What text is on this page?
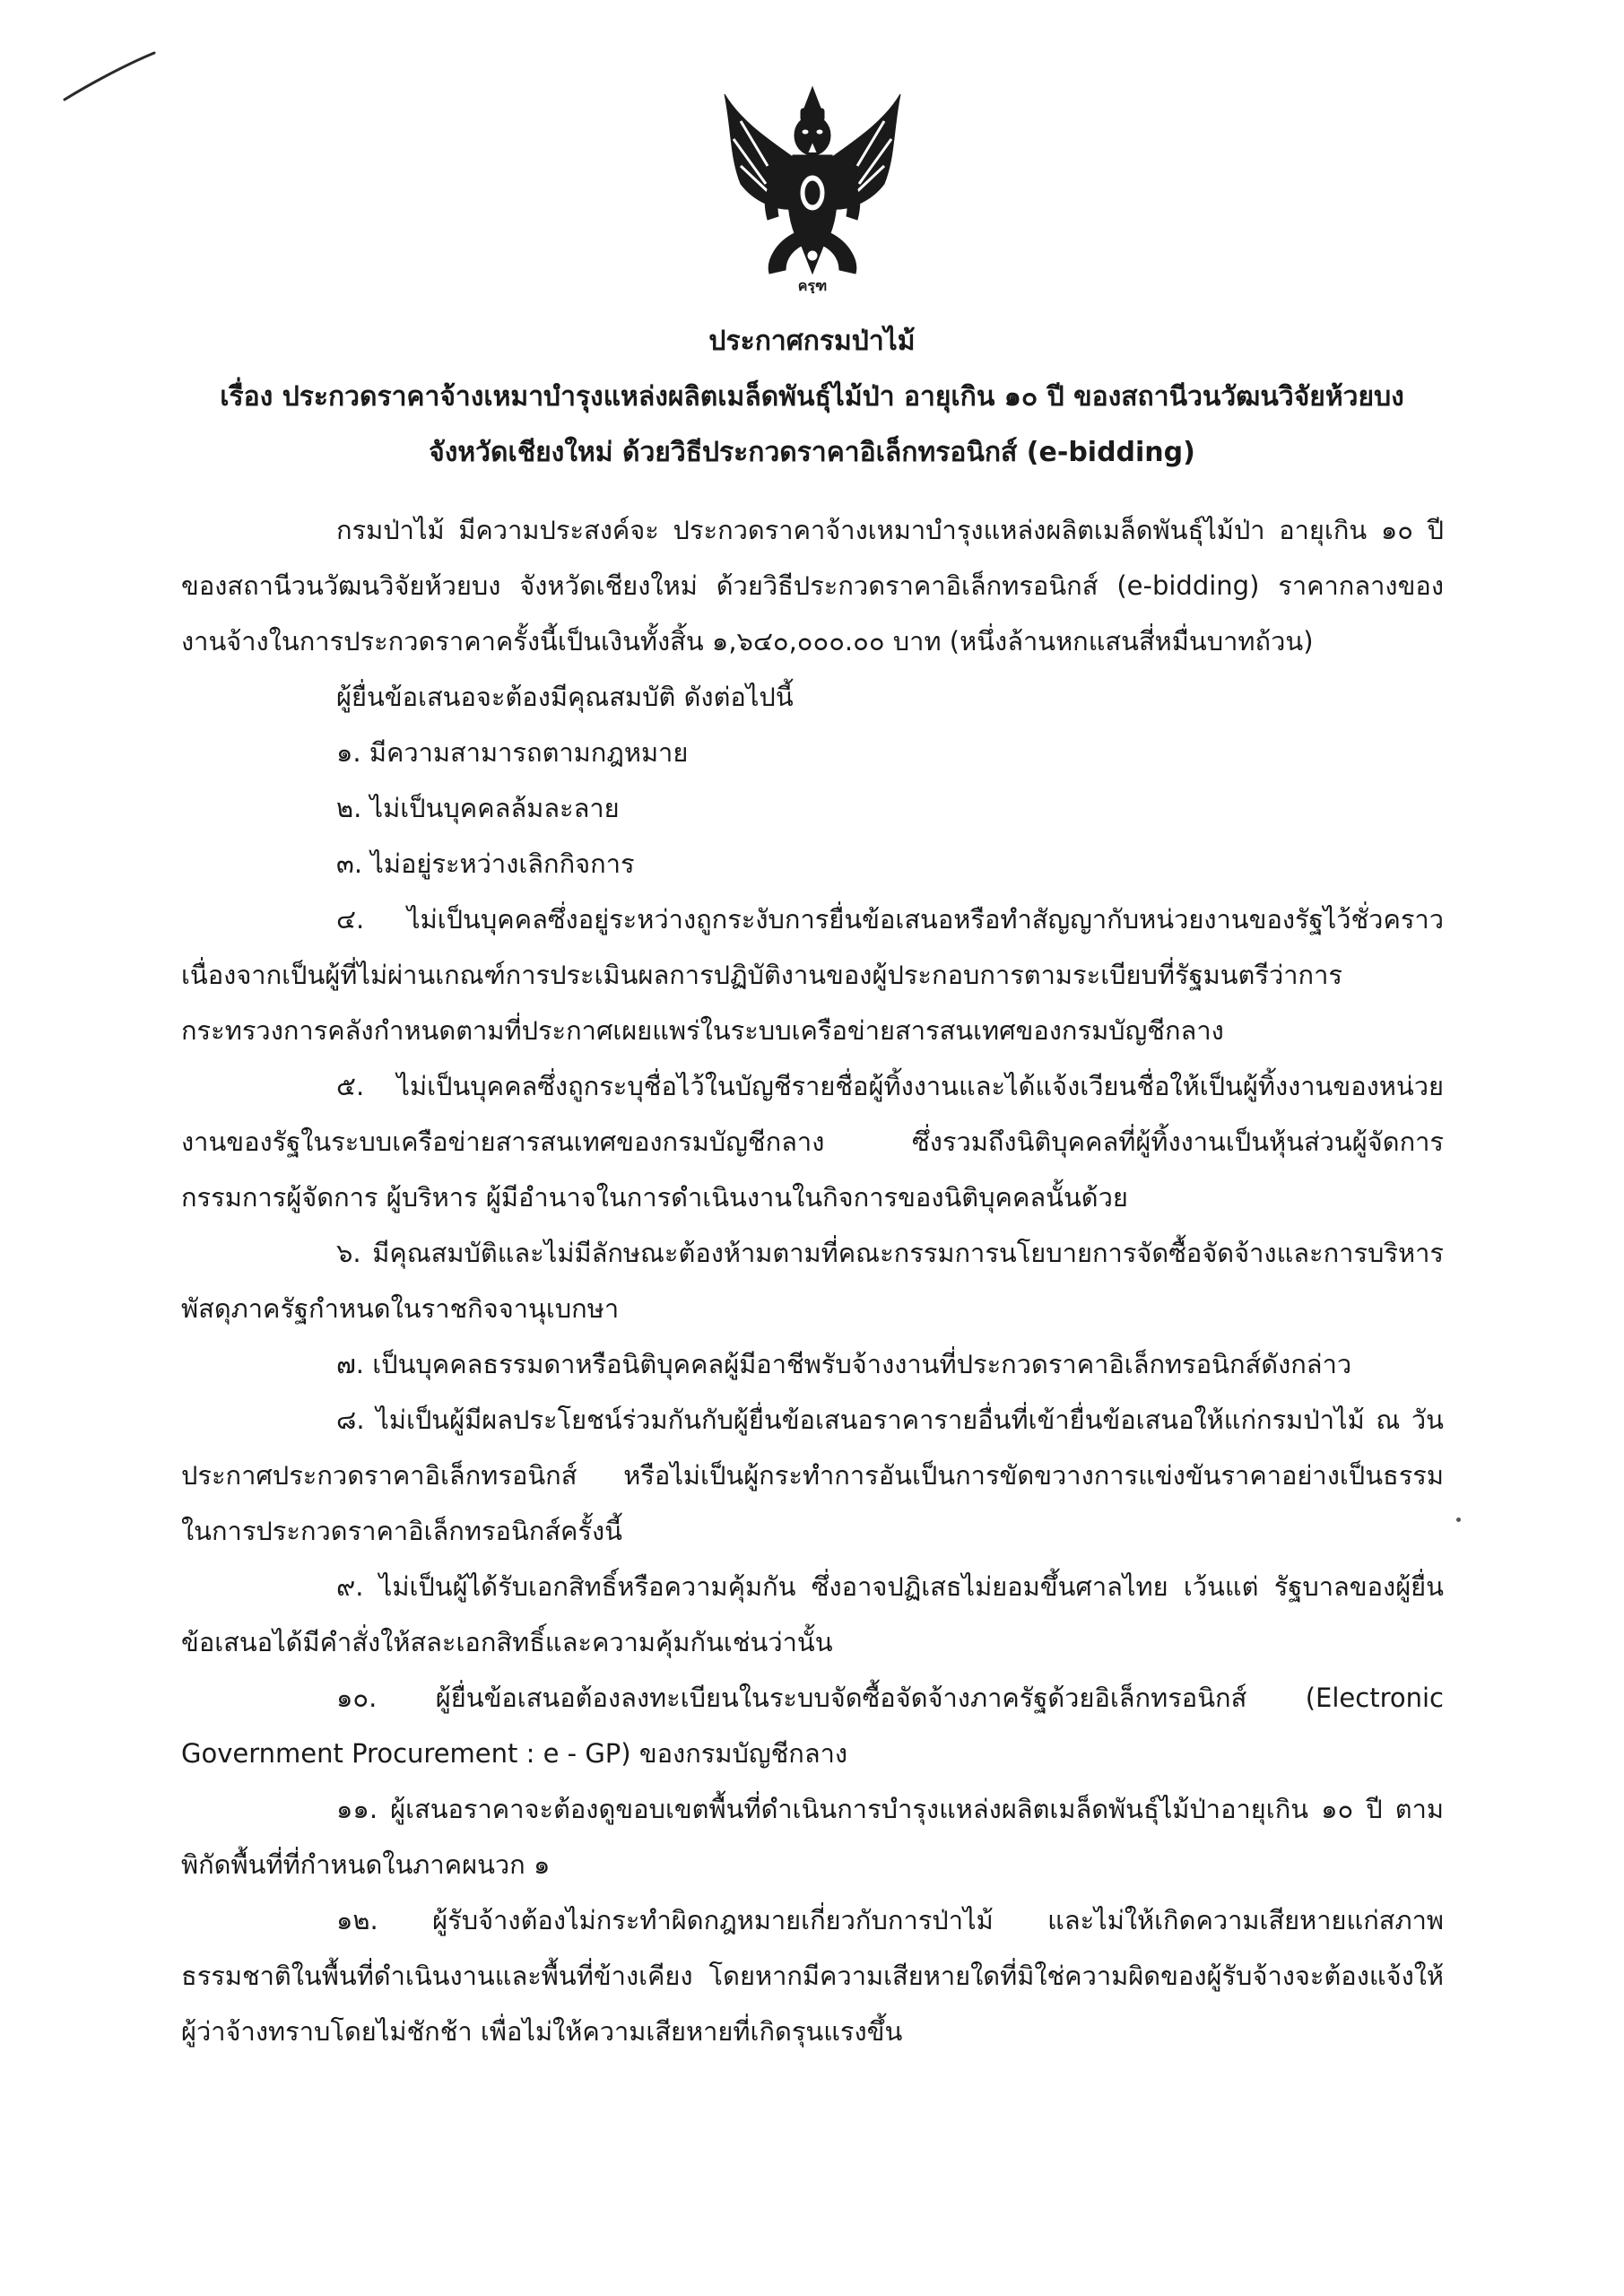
ครุฑ
ประกาศกรมป่าไม้
เรื่อง ประกวดราคาจ้างเหมาบำรุงแหล่งผลิตเมล็ดพันธุ์ไม้ป่า อายุเกิน ๑๐ ปี ของสถานีวนวัฒนวิจัยห้วยบง
จังหวัดเชียงใหม่ ด้วยวิธีประกวดราคาอิเล็กทรอนิกส์ (e-bidding)
กรมป่าไม้ มีความประสงค์จะ ประกวดราคาจ้างเหมาบำรุงแหล่งผลิตเมล็ดพันธุ์ไม้ป่า อายุเกิน ๑๐ ปี ของสถานีวนวัฒนวิจัยห้วยบง จังหวัดเชียงใหม่ ด้วยวิธีประกวดราคาอิเล็กทรอนิกส์ (e-bidding) ราคากลางของงานจ้างในการประกวดราคาครั้งนี้เป็นเงินทั้งสิ้น ๑,๖๔๐,๐๐๐.๐๐ บาท (หนึ่งล้านหกแสนสี่หมื่นบาทถ้วน)
ผู้ยื่นข้อเสนอจะต้องมีคุณสมบัติ ดังต่อไปนี้
๑. มีความสามารถตามกฎหมาย
๒. ไม่เป็นบุคคลล้มละลาย
๓. ไม่อยู่ระหว่างเลิกกิจการ
๔. ไม่เป็นบุคคลซึ่งอยู่ระหว่างถูกระงับการยื่นข้อเสนอหรือทำสัญญากับหน่วยงานของรัฐไว้ชั่วคราว เนื่องจากเป็นผู้ที่ไม่ผ่านเกณฑ์การประเมินผลการปฏิบัติงานของผู้ประกอบการตามระเบียบที่รัฐมนตรีว่าการกระทรวงการคลังกำหนดตามที่ประกาศเผยแพร่ในระบบเครือข่ายสารสนเทศของกรมบัญชีกลาง
๕. ไม่เป็นบุคคลซึ่งถูกระบุชื่อไว้ในบัญชีรายชื่อผู้ทิ้งงานและได้แจ้งเวียนชื่อให้เป็นผู้ทิ้งงานของหน่วยงานของรัฐในระบบเครือข่ายสารสนเทศของกรมบัญชีกลาง ซึ่งรวมถึงนิติบุคคลที่ผู้ทิ้งงานเป็นหุ้นส่วนผู้จัดการ กรรมการผู้จัดการ ผู้บริหาร ผู้มีอำนาจในการดำเนินงานในกิจการของนิติบุคคลนั้นด้วย
๖. มีคุณสมบัติและไม่มีลักษณะต้องห้ามตามที่คณะกรรมการนโยบายการจัดซื้อจัดจ้างและการบริหารพัสดุภาครัฐกำหนดในราชกิจจานุเบกษา
๗. เป็นบุคคลธรรมดาหรือนิติบุคคลผู้มีอาชีพรับจ้างงานที่ประกวดราคาอิเล็กทรอนิกส์ดังกล่าว
๘. ไม่เป็นผู้มีผลประโยชน์ร่วมกันกับผู้ยื่นข้อเสนอราคารายอื่นที่เข้ายื่นข้อเสนอให้แก่กรมป่าไม้ ณ วันประกาศประกวดราคาอิเล็กทรอนิกส์ หรือไม่เป็นผู้กระทำการอันเป็นการขัดขวางการแข่งขันราคาอย่างเป็นธรรม ในการประกวดราคาอิเล็กทรอนิกส์ครั้งนี้
๙. ไม่เป็นผู้ได้รับเอกสิทธิ์หรือความคุ้มกัน ซึ่งอาจปฏิเสธไม่ยอมขึ้นศาลไทย เว้นแต่ รัฐบาลของผู้ยื่นข้อเสนอได้มีคำสั่งให้สละเอกสิทธิ์และความคุ้มกันเช่นว่านั้น
๑๐. ผู้ยื่นข้อเสนอต้องลงทะเบียนในระบบจัดซื้อจัดจ้างภาครัฐด้วยอิเล็กทรอนิกส์ (Electronic Government Procurement : e - GP) ของกรมบัญชีกลาง
๑๑. ผู้เสนอราคาจะต้องดูขอบเขตพื้นที่ดำเนินการบำรุงแหล่งผลิตเมล็ดพันธุ์ไม้ป่าอายุเกิน ๑๐ ปี ตามพิกัดพื้นที่ที่กำหนดในภาคผนวก ๑
๑๒. ผู้รับจ้างต้องไม่กระทำผิดกฎหมายเกี่ยวกับการป่าไม้ และไม่ให้เกิดความเสียหายแก่สภาพธรรมชาติในพื้นที่ดำเนินงานและพื้นที่ข้างเคียง โดยหากมีความเสียหายใดที่มิใช่ความผิดของผู้รับจ้างจะต้องแจ้งให้ผู้ว่าจ้างทราบโดยไม่ชักช้า เพื่อไม่ให้ความเสียหายที่เกิดรุนแรงขึ้น
